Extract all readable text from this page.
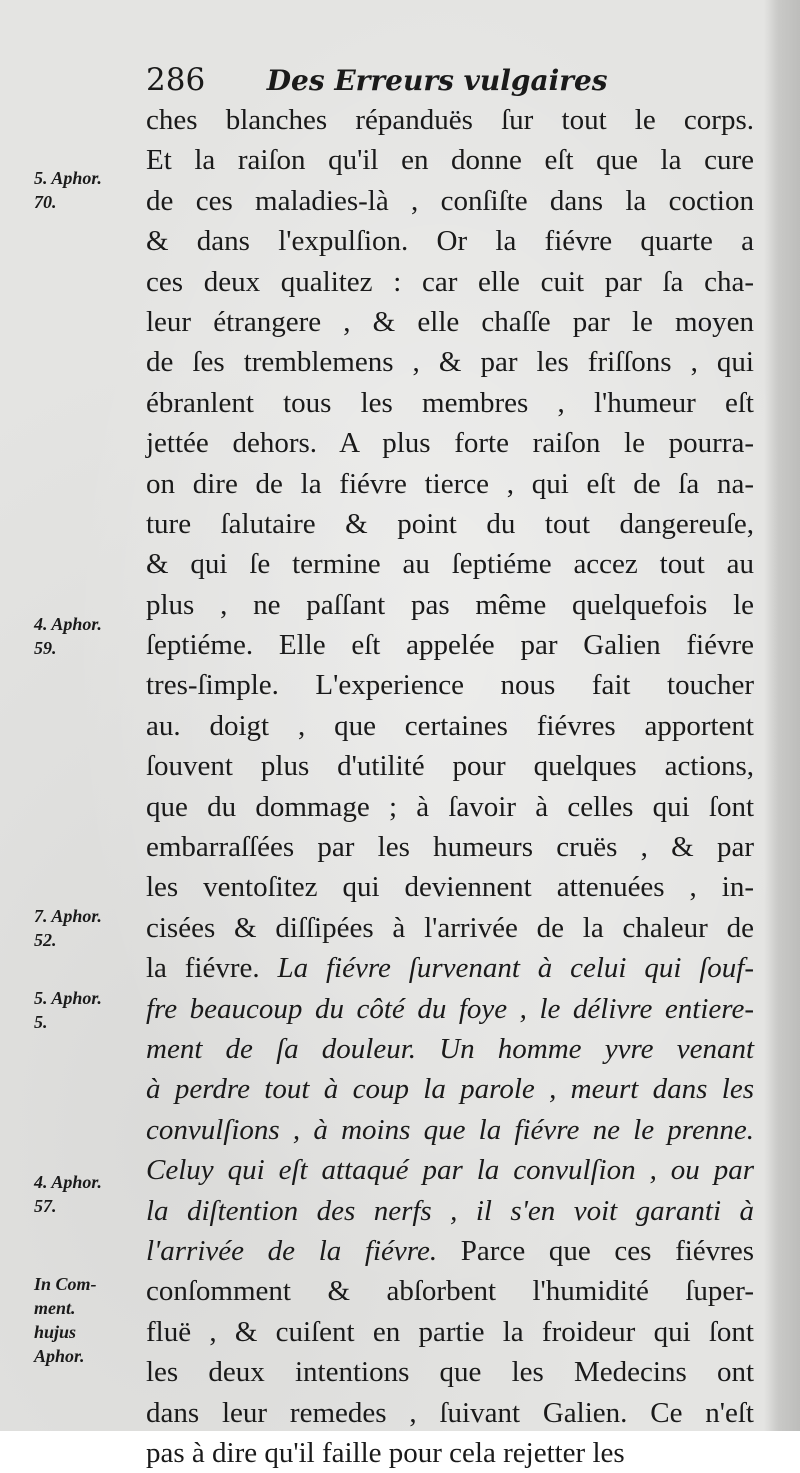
286 Des Erreurs vulgaires
ches blanches répanduës ſur tout le corps.
Et la raiſon qu'il en donne eſt que la cure
de ces maladies-là , conſiſte dans la coction
& dans l'expulſion. Or la fiévre quarte a
ces deux qualitez : car elle cuit par ſa cha-
leur étrangere , & elle chaſſe par le moyen
de ſes tremblemens , & par les friſſons , qui
ébranlent tous les membres , l'humeur eſt
jettée dehors. A plus forte raiſon le pourra-
on dire de la fiévre tierce , qui eſt de ſa na-
ture ſalutaire & point du tout dangereuſe,
& qui ſe termine au ſeptiéme accez tout au
plus , ne paſſant pas même quelquefois le
ſeptiéme. Elle eſt appelée par Galien fiévre
tres-ſimple. L'experience nous fait toucher
au. doigt , que certaines fiévres apportent
ſouvent plus d'utilité pour quelques actions,
que du dommage ; à ſavoir à celles qui ſont
embarraſſées par les humeurs cruës , & par
les ventoſitez qui deviennent attenuées , in-
cisées & diſſipées à l'arrivée de la chaleur de
la fiévre. La fiévre ſurvenant à celui qui ſouf-
fre beaucoup du côté du foye , le délivre entiere-
ment de ſa douleur. Un homme yvre venant
à perdre tout à coup la parole , meurt dans les
convulſions , à moins que la fiévre ne le prenne.
Celuy qui eſt attaqué par la convulſion , ou par
la diſtention des nerfs , il s'en voit garanti à
l'arrivée de la fiévre. Parce que ces fiévres
conſomment & abſorbent l'humidité ſuper-
fluë , & cuiſent en partie la froideur qui ſont
les deux intentions que les Medecins ont
dans leur remedes , ſuivant Galien. Ce n'eſt
pas à dire qu'il faille pour cela rejetter les
5. Aphor.
70.
4. Aphor.
59.
7. Aphor.
52.
5. Aphor.
5.
4. Aphor.
57.
In Com-
ment.
hujus
Aphor.
